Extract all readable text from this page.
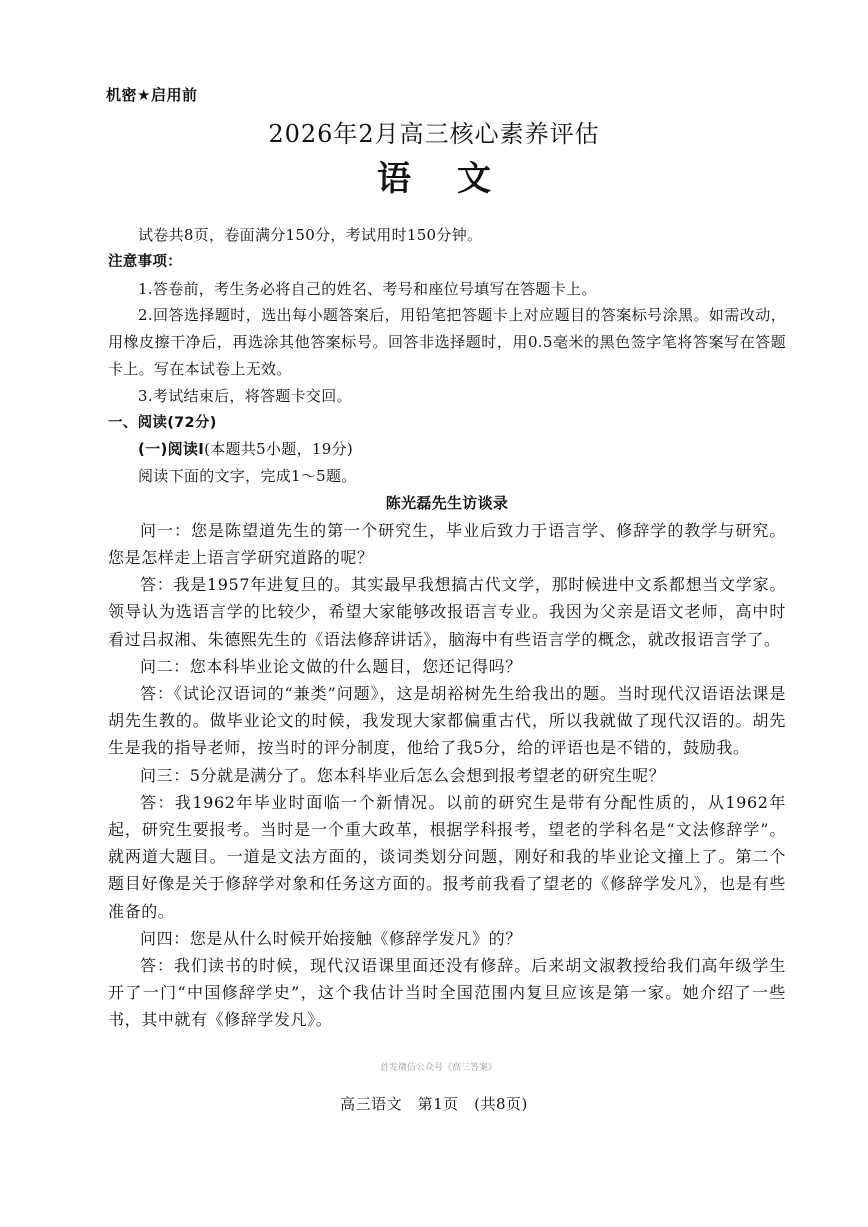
机密★启用前
2026年2月高三核心素养评估
语文

试卷共8页，卷面满分150分，考试用时150分钟。

注意事项：

1.答卷前，考生务必将自己的姓名、考号和座位号填写在答题卡上。

2.回答选择题时，选出每小题答案后，用铅笔把答题卡上对应题目的答案标号涂黑。如需改动，用橡皮擦干净后，再选涂其他答案标号。回答非选择题时，用0.5毫米的黑色签字笔将答案写在答题卡上。写在本试卷上无效。

3.考试结束后，将答题卡交回。

一、阅读(72分)

(一)阅读Ⅰ(本题共5小题，19分)

阅读下面的文字，完成1～5题。

陈光磊先生访谈录

问一：您是陈望道先生的第一个研究生，毕业后致力于语言学、修辞学的教学与研究。您是怎样走上语言学研究道路的呢？

答：我是1957年进复旦的。其实最早我想搞古代文学，那时候进中文系都想当文学家。领导认为选语言学的比较少，希望大家能够改报语言专业。我因为父亲是语文老师，高中时看过吕叔湘、朱德熙先生的《语法修辞讲话》，脑海中有些语言学的概念，就改报语言学了。

问二：您本科毕业论文做的什么题目，您还记得吗？

答：《试论汉语词的“兼类”问题》，这是胡裕树先生给我出的题。当时现代汉语语法课是胡先生教的。做毕业论文的时候，我发现大家都偏重古代，所以我就做了现代汉语的。胡先生是我的指导老师，按当时的评分制度，他给了我5分，给的评语也是不错的，鼓励我。

问三：5分就是满分了。您本科毕业后怎么会想到报考望老的研究生呢？

答：我1962年毕业时面临一个新情况。以前的研究生是带有分配性质的，从1962年起，研究生要报考。当时是一个重大政革，根据学科报考，望老的学科名是“文法修辞学”。就两道大题目。一道是文法方面的，谈词类划分问题，刚好和我的毕业论文撞上了。第二个题目好像是关于修辞学对象和任务这方面的。报考前我看了望老的《修辞学发凡》，也是有些准备的。

问四：您是从什么时候开始接触《修辞学发凡》的？

答：我们读书的时候，现代汉语课里面还没有修辞。后来胡文淑教授给我们高年级学生开了一门“中国修辞学史”，这个我估计当时全国范围内复旦应该是第一家。她介绍了一些书，其中就有《修辞学发凡》。

首发微信公众号《高三答案》
高三语文　第1页　(共8页)
